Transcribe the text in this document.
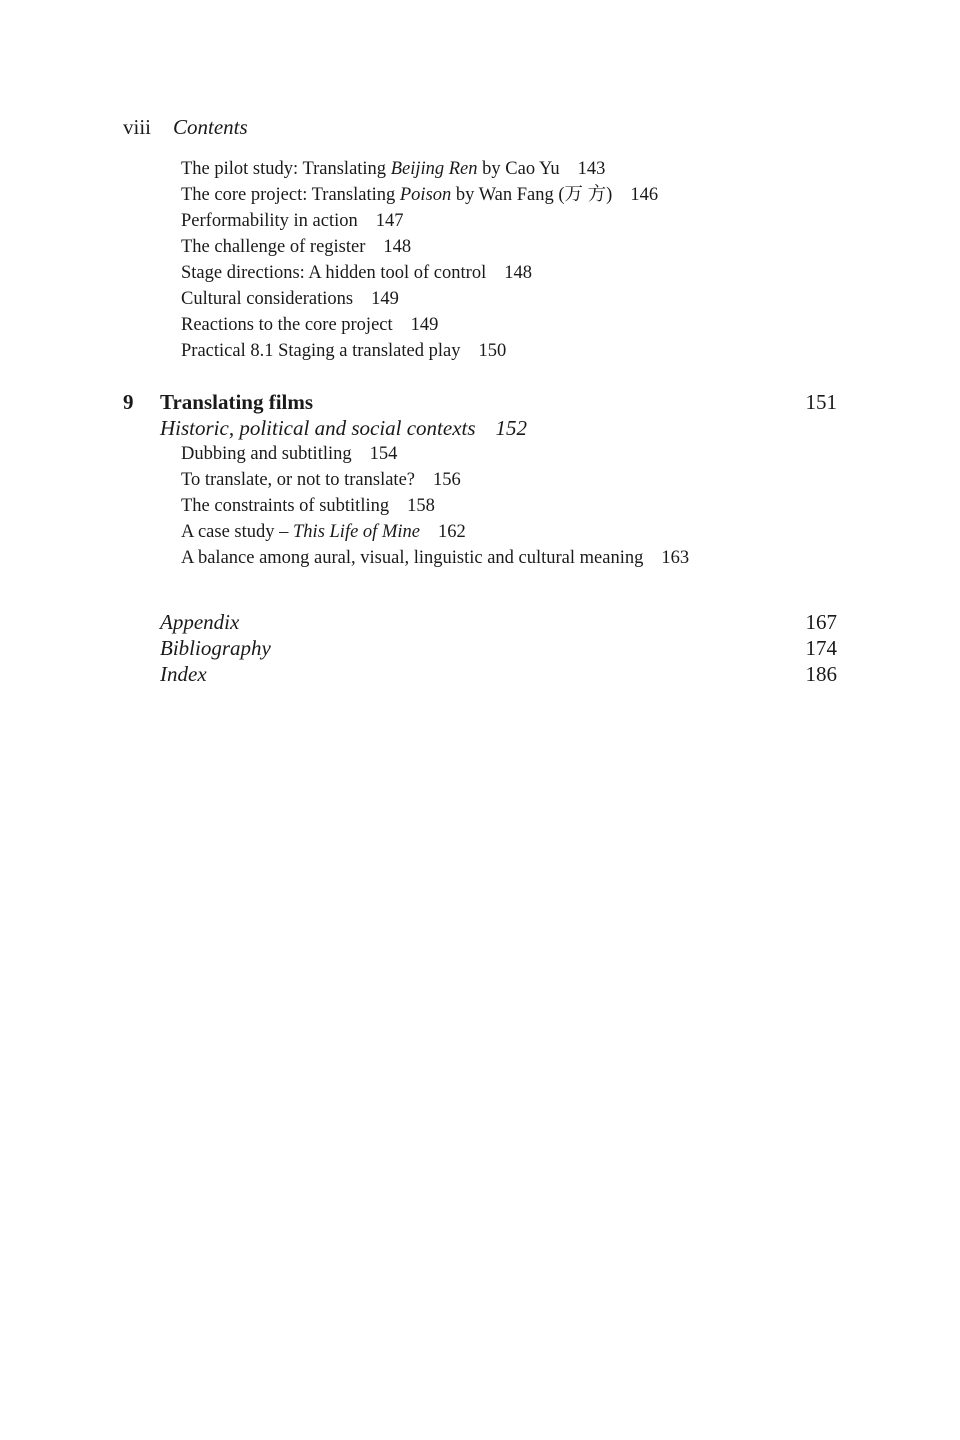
viii Contents
The pilot study: Translating Beijing Ren by Cao Yu 143
The core project: Translating Poison by Wan Fang (万 方) 146
Performability in action 147
The challenge of register 148
Stage directions: A hidden tool of control 148
Cultural considerations 149
Reactions to the core project 149
Practical 8.1 Staging a translated play 150
9 Translating films	151
Historic, political and social contexts 152
Dubbing and subtitling 154
To translate, or not to translate? 156
The constraints of subtitling 158
A case study – This Life of Mine 162
A balance among aural, visual, linguistic and cultural meaning 163
Appendix	167
Bibliography	174
Index	186
